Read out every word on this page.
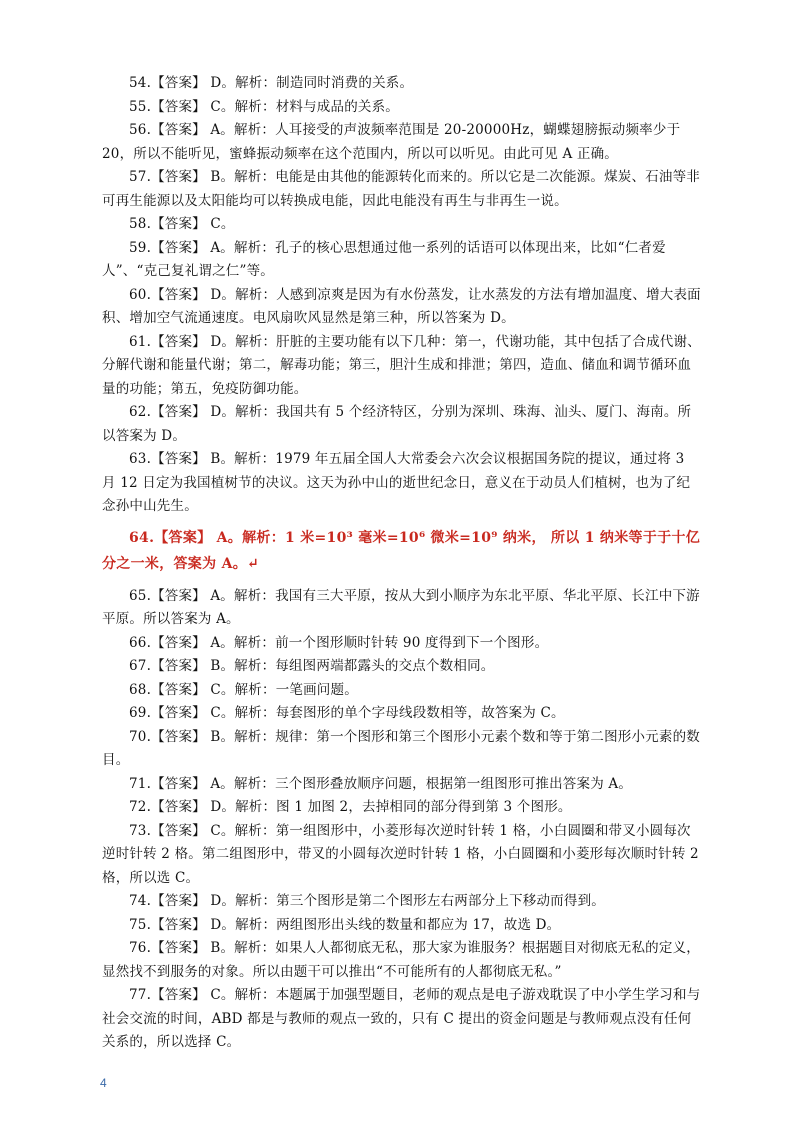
54.【答案】 D。解析：制造同时消费的关系。

55.【答案】 C。解析：材料与成品的关系。

56.【答案】 A。解析：人耳接受的声波频率范围是 20-20000Hz，蝴蝶翅膀振动频率少于 20，所以不能听见，蜜蜂振动频率在这个范围内，所以可以听见。由此可见 A 正确。

57.【答案】 B。解析：电能是由其他的能源转化而来的。所以它是二次能源。煤炭、石油等非可再生能源以及太阳能均可以转换成电能，因此电能没有再生与非再生一说。

58.【答案】 C。

59.【答案】 A。解析：孔子的核心思想通过他一系列的话语可以体现出来，比如“仁者爱人”、“克己复礼谓之仁”等。

60.【答案】 D。解析：人感到凉爽是因为有水份蒸发，让水蒸发的方法有增加温度、增大表面积、增加空气流通速度。电风扇吹风显然是第三种，所以答案为 D。

61.【答案】 D。解析：肝脏的主要功能有以下几种：第一，代谢功能，其中包括了合成代谢、分解代谢和能量代谢；第二，解毒功能；第三，胆汁生成和排泄；第四，造血、储血和调节循环血量的功能；第五，免疫防御功能。

62.【答案】 D。解析：我国共有 5 个经济特区，分别为深圳、珠海、汕头、厦门、海南。所以答案为 D。

63.【答案】 B。解析：1979 年五届全国人大常委会六次会议根据国务院的提议，通过将 3 月 12 日定为我国植树节的决议。这天为孙中山的逝世纪念日，意义在于动员人们植树，也为了纪念孙中山先生。

64.【答案】 A。解析：1 米=10³ 毫米=10⁶ 微米=10⁹ 纳米， 所以 1 纳米等于于十亿分之一米，答案为 A。↵

65.【答案】 A。解析：我国有三大平原，按从大到小顺序为东北平原、华北平原、长江中下游平原。所以答案为 A。

66.【答案】 A。解析：前一个图形顺时针转 90 度得到下一个图形。

67.【答案】 B。解析：每组图两端都露头的交点个数相同。

68.【答案】 C。解析：一笔画问题。

69.【答案】 C。解析：每套图形的单个字母线段数相等，故答案为 C。

70.【答案】 B。解析：规律：第一个图形和第三个图形小元素个数和等于第二图形小元素的数目。

71.【答案】 A。解析：三个图形叠放顺序问题，根据第一组图形可推出答案为 A。

72.【答案】 D。解析：图 1 加图 2，去掉相同的部分得到第 3 个图形。

73.【答案】 C。解析：第一组图形中，小菱形每次逆时针转 1 格，小白圆圈和带叉小圆每次逆时针转 2 格。第二组图形中，带叉的小圆每次逆时针转 1 格，小白圆圈和小菱形每次顺时针转 2 格，所以选 C。

74.【答案】 D。解析：第三个图形是第二个图形左右两部分上下移动而得到。

75.【答案】 D。解析：两组图形出头线的数量和都应为 17，故选 D。

76.【答案】 B。解析：如果人人都彻底无私，那大家为谁服务？根据题目对彻底无私的定义，显然找不到服务的对象。所以由题干可以推出“不可能所有的人都彻底无私。”

77.【答案】 C。解析：本题属于加强型题目，老师的观点是电子游戏耽误了中小学生学习和与社会交流的时间，ABD 都是与教师的观点一致的，只有 C 提出的资金问题是与教师观点没有任何关系的，所以选择 C。

4
